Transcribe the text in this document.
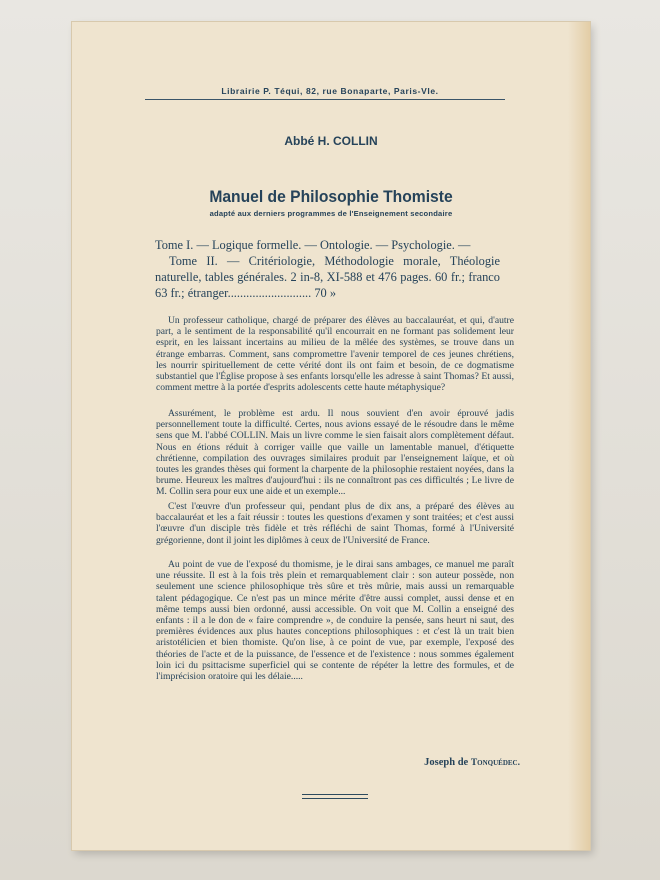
Librairie P. Téqui, 82, rue Bonaparte, Paris-VIe.
Abbé H. COLLIN
Manuel de Philosophie Thomiste
adapté aux derniers programmes de l'Enseignement secondaire

Tome I. — Logique formelle. — Ontologie. — Psychologie. —

Tome II. — Critériologie, Méthodologie morale, Théologie naturelle, tables générales. 2 in-8, XI-588 et 476 pages. 60 fr.; franco 63 fr.; étranger........................... 70 »

Un professeur catholique, chargé de préparer des élèves au baccalauréat, et qui, d'autre part, a le sentiment de la responsabilité qu'il encourrait en ne formant pas solidement leur esprit, en les laissant incertains au milieu de la mêlée des systèmes, se trouve dans un étrange embarras. Comment, sans compromettre l'avenir temporel de ces jeunes chrétiens, les nourrir spirituellement de cette vérité dont ils ont faim et besoin, de ce dogmatisme substantiel que l'Église propose à ses enfants lorsqu'elle les adresse à saint Thomas? Et aussi, comment mettre à la portée d'esprits adolescents cette haute métaphysique?

Assurément, le problème est ardu. Il nous souvient d'en avoir éprouvé jadis personnellement toute la difficulté. Certes, nous avions essayé de le résoudre dans le même sens que M. l'abbé COLLIN. Mais un livre comme le sien faisait alors complètement défaut. Nous en étions réduit à corriger vaille que vaille un lamentable manuel, d'étiquette chrétienne, compilation des ouvrages similaires produit par l'enseignement laïque, et où toutes les grandes thèses qui forment la charpente de la philosophie restaient noyées, dans la brume. Heureux les maîtres d'aujourd'hui : ils ne connaîtront pas ces difficultés ; Le livre de M. Collin sera pour eux une aide et un exemple...

C'est l'œuvre d'un professeur qui, pendant plus de dix ans, a préparé des élèves au baccalauréat et les a fait réussir : toutes les questions d'examen y sont traitées; et c'est aussi l'œuvre d'un disciple très fidèle et très réfléchi de saint Thomas, formé à l'Université grégorienne, dont il joint les diplômes à ceux de l'Université de France.

Au point de vue de l'exposé du thomisme, je le dirai sans ambages, ce manuel me paraît une réussite. Il est à la fois très plein et remarquablement clair : son auteur possède, non seulement une science philosophique très sûre et très mûrie, mais aussi un remarquable talent pédagogique. Ce n'est pas un mince mérite d'être aussi complet, aussi dense et en même temps aussi bien ordonné, aussi accessible. On voit que M. Collin a enseigné des enfants : il a le don de « faire comprendre », de conduire la pensée, sans heurt ni saut, des premières évidences aux plus hautes conceptions philosophiques : et c'est là un trait bien aristotélicien et bien thomiste. Qu'on lise, à ce point de vue, par exemple, l'exposé des théories de l'acte et de la puissance, de l'essence et de l'existence : nous sommes également loin ici du psittacisme superficiel qui se contente de répéter la lettre des formules, et de l'imprécision oratoire qui les délaie.....

Joseph de Tonquédec.
